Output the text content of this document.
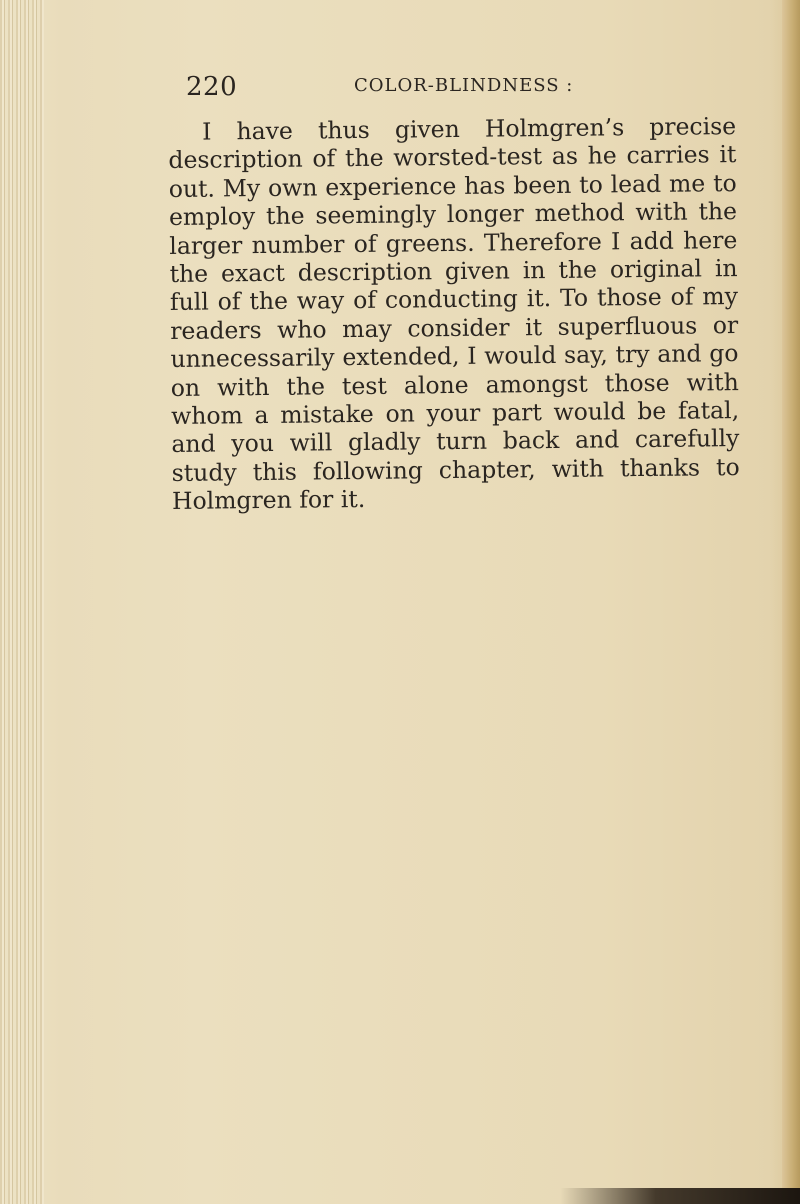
220	COLOR-BLINDNESS :

I have thus given Holmgren’s precise description of the worsted-test as he carries it out. My own experience has been to lead me to employ the seemingly longer method with the larger number of greens. Therefore I add here the exact description given in the original in full of the way of conducting it. To those of my readers who may consider it superfluous or unnecessarily extended, I would say, try and go on with the test alone amongst those with whom a mistake on your part would be fatal, and you will gladly turn back and carefully study this following chapter, with thanks to Holmgren for it.
